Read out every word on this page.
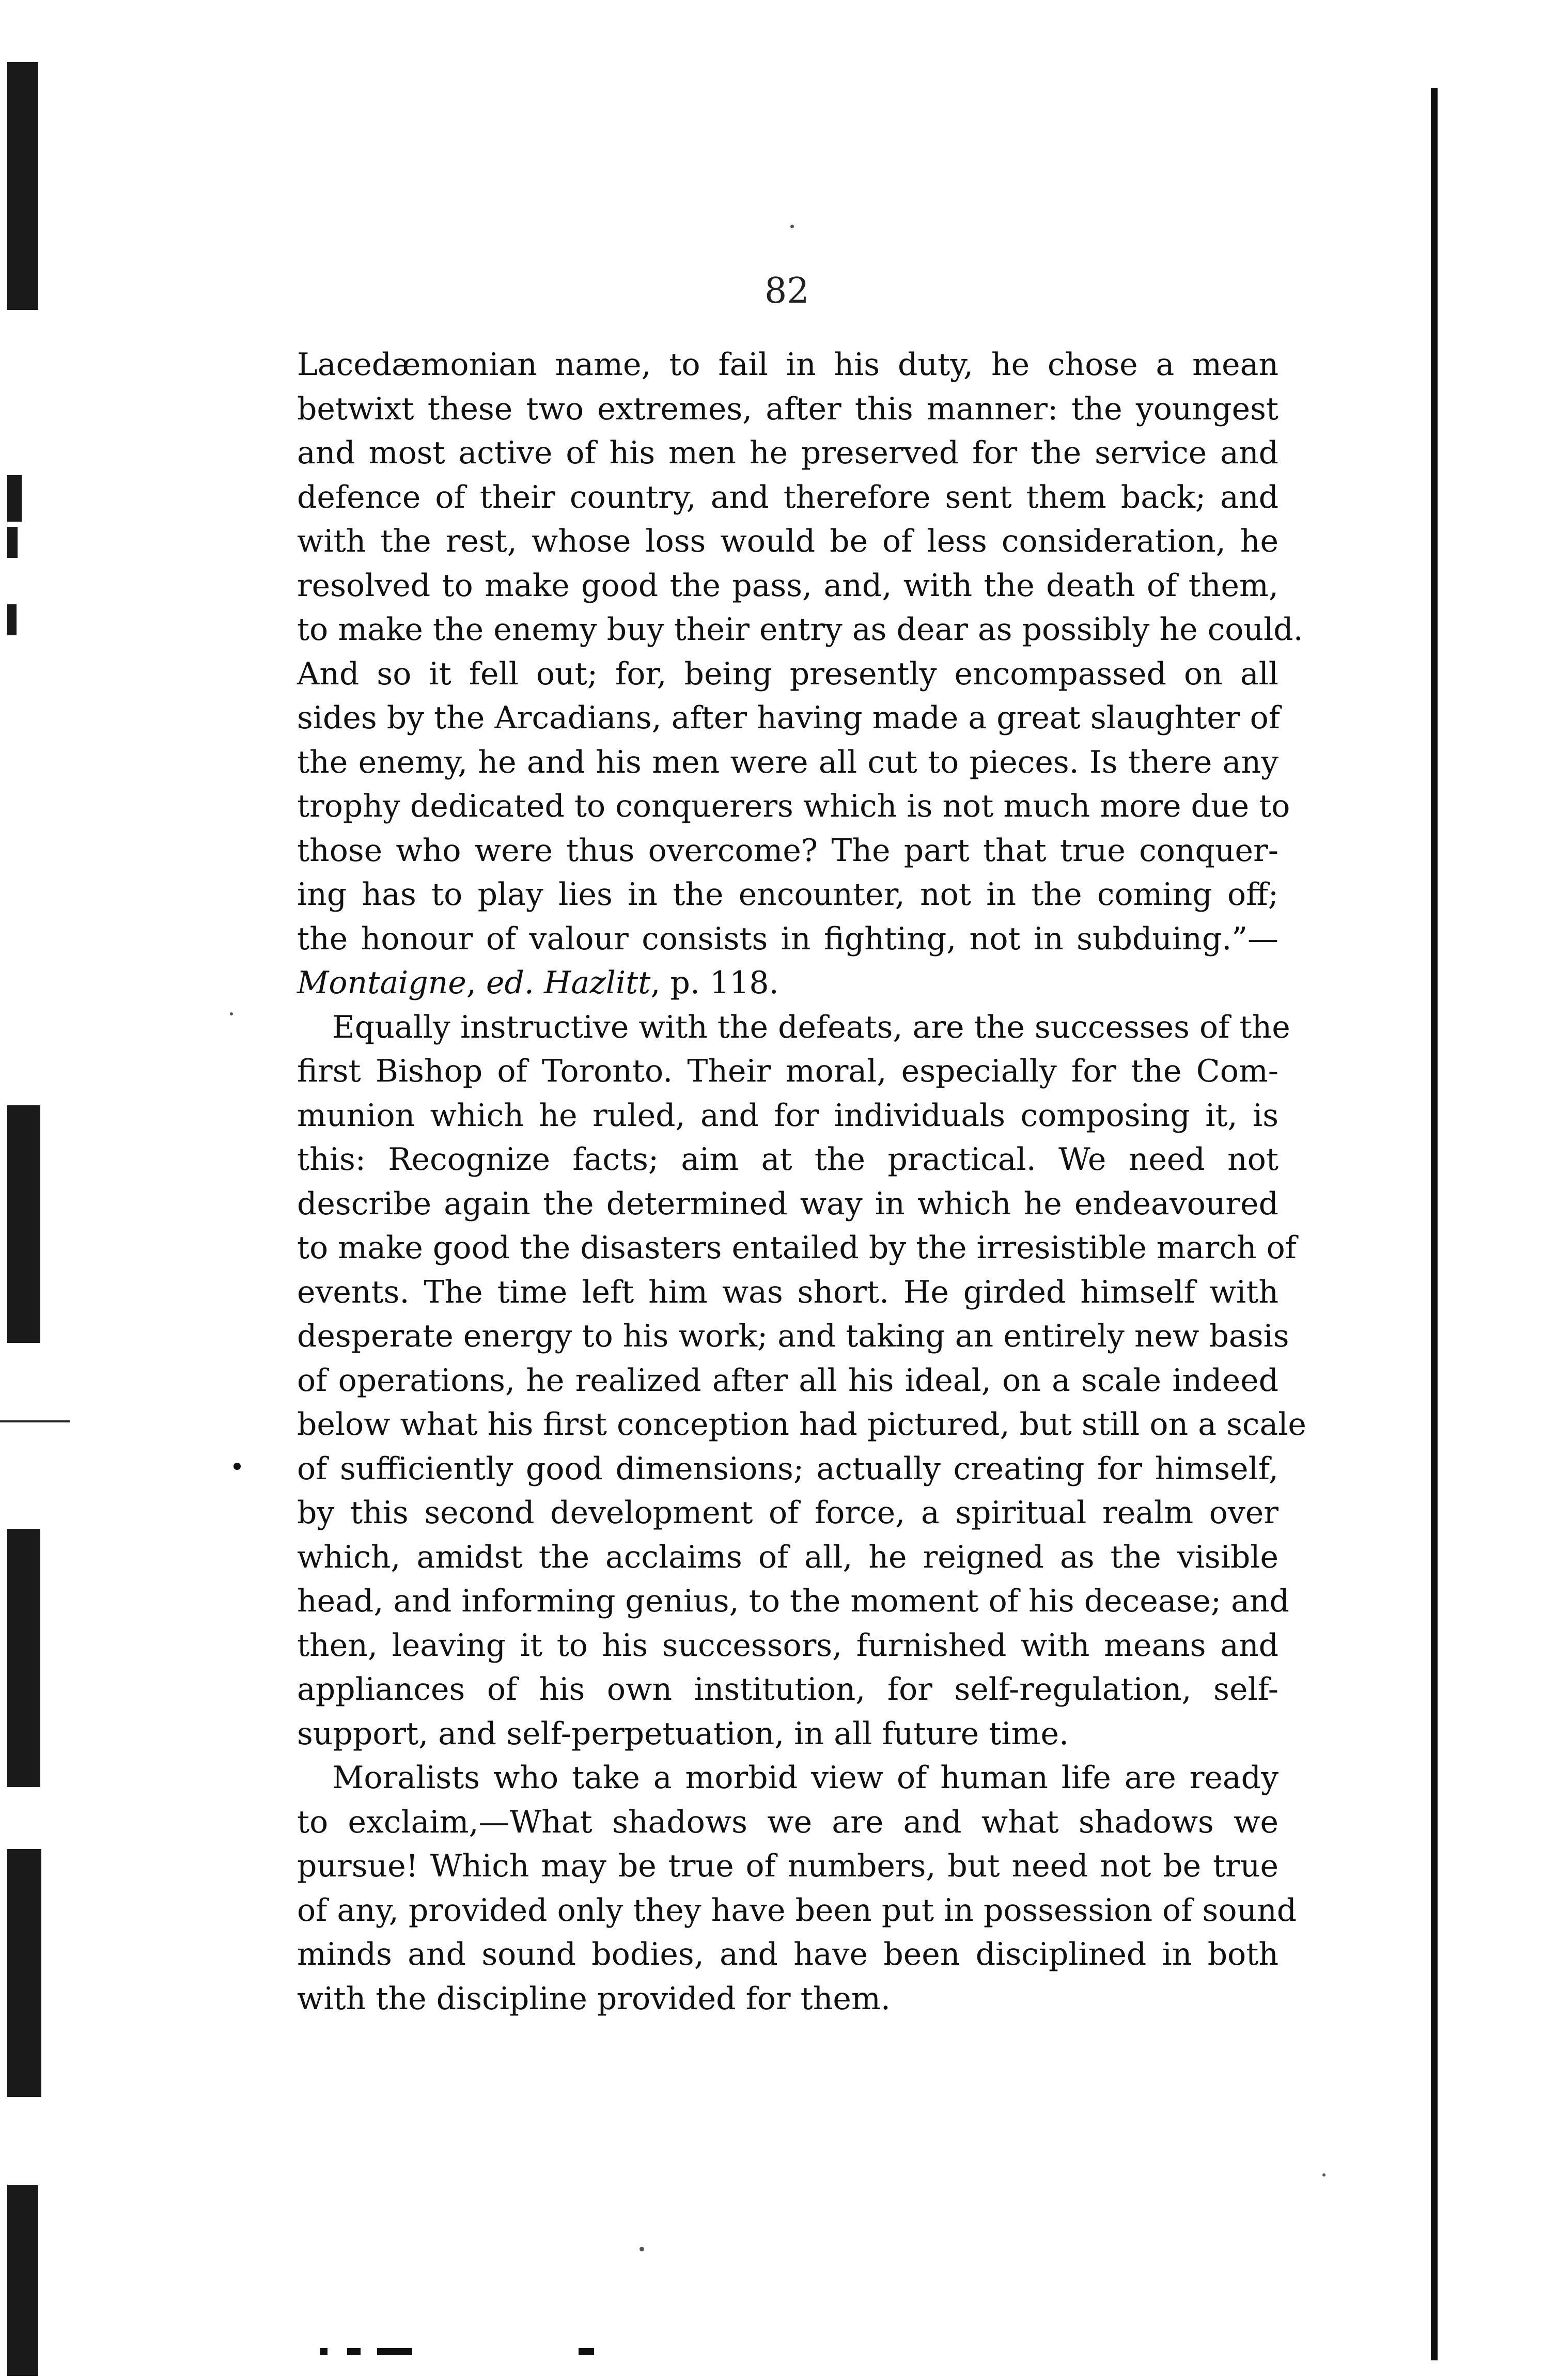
82
Lacedæmonian name, to fail in his duty, he chose a mean
betwixt these two extremes, after this manner: the youngest
and most active of his men he preserved for the service and
defence of their country, and therefore sent them back; and
with the rest, whose loss would be of less consideration, he
resolved to make good the pass, and, with the death of them,
to make the enemy buy their entry as dear as possibly he could.
And so it fell out; for, being presently encompassed on all
sides by the Arcadians, after having made a great slaughter of
the enemy, he and his men were all cut to pieces. Is there any
trophy dedicated to conquerers which is not much more due to
those who were thus overcome? The part that true conquer-
ing has to play lies in the encounter, not in the coming off;
the honour of valour consists in fighting, not in subduing.”—
Montaigne, ed. Hazlitt, p. 118.
Equally instructive with the defeats, are the successes of the
first Bishop of Toronto. Their moral, especially for the Com-
munion which he ruled, and for individuals composing it, is
this: Recognize facts; aim at the practical. We need not
describe again the determined way in which he endeavoured
to make good the disasters entailed by the irresistible march of
events. The time left him was short. He girded himself with
desperate energy to his work; and taking an entirely new basis
of operations, he realized after all his ideal, on a scale indeed
below what his first conception had pictured, but still on a scale
of sufficiently good dimensions; actually creating for himself,
by this second development of force, a spiritual realm over
which, amidst the acclaims of all, he reigned as the visible
head, and informing genius, to the moment of his decease; and
then, leaving it to his successors, furnished with means and
appliances of his own institution, for self-regulation, self-
support, and self-perpetuation, in all future time.
Moralists who take a morbid view of human life are ready
to exclaim,—What shadows we are and what shadows we
pursue! Which may be true of numbers, but need not be true
of any, provided only they have been put in possession of sound
minds and sound bodies, and have been disciplined in both
with the discipline provided for them.
